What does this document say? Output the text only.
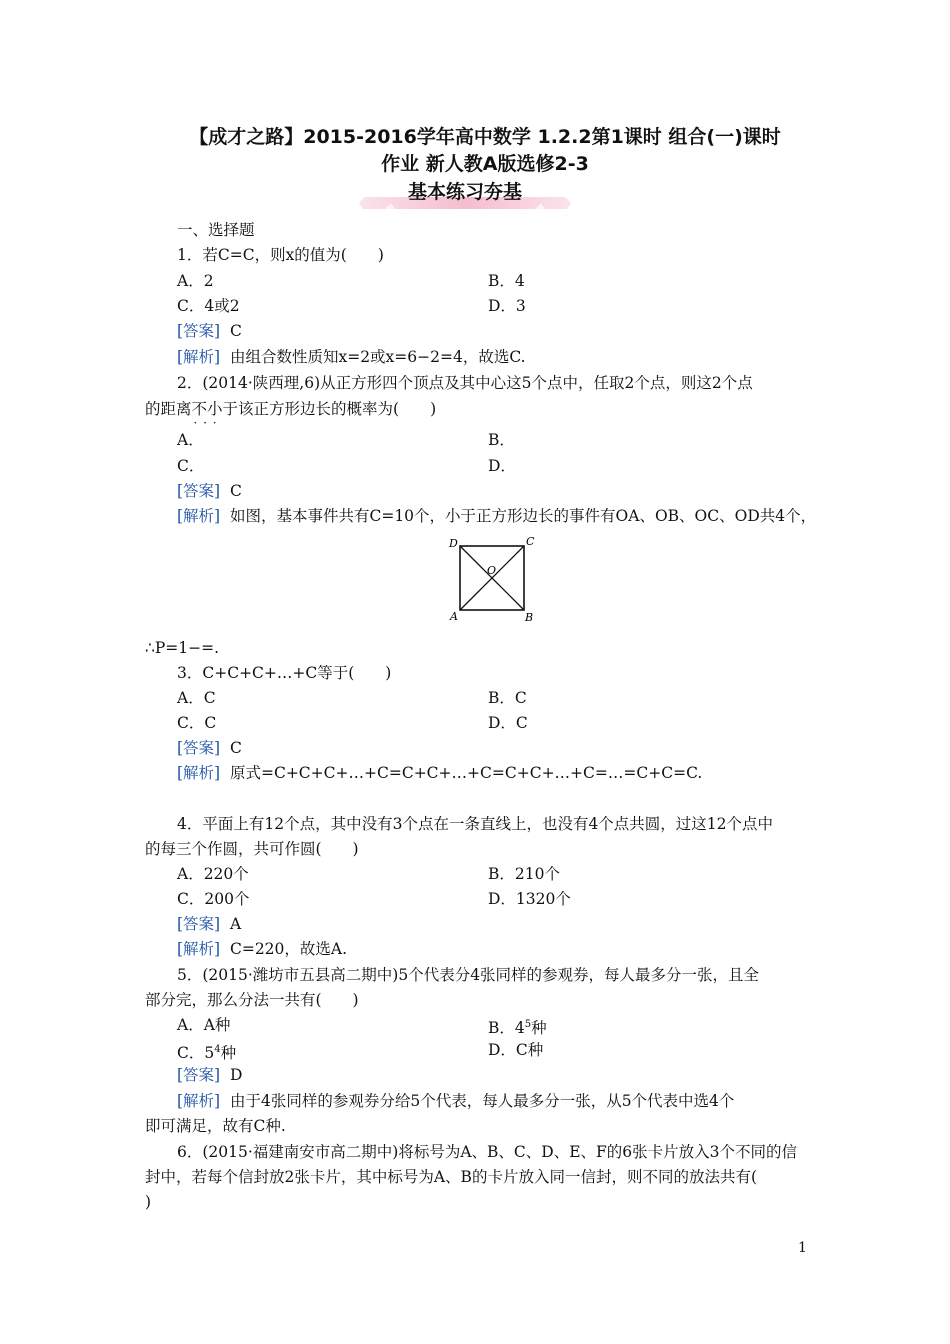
【成才之路】2015-2016学年高中数学 1.2.2第1课时 组合(一)课时
作业 新人教A版选修2-3
基本练习夯基
一、选择题
1．若C=C，则x的值为(　　)
A．2	B．4
C．4或2	D．3
[答案] C
[解析] 由组合数性质知x=2或x=6−2=4，故选C.
2．(2014·陕西理,6)从正方形四个顶点及其中心这5个点中，任取2个点，则这2个点
的距离不小于 · · ·该正方形边长的概率为(　　)
A．	B．
C．	D．
[答案] C
[解析] 如图，基本事件共有C=10个，小于正方形边长的事件有OA、OB、OC、OD共4个，
D	C
A	B
O
∴P=1−=.
3．C+C+C+…+C等于(　　)
A．C	B．C
C．C	D．C
[答案] C
[解析] 原式=C+C+C+…+C=C+C+…+C=C+C+…+C=…=C+C=C.
4．平面上有12个点，其中没有3个点在一条直线上，也没有4个点共圆，过这12个点中
的每三个作圆，共可作圆(　　)
A．220个	B．210个
C．200个	D．1320个
[答案] A
[解析] C=220，故选A.
5．(2015·潍坊市五县高二期中)5个代表分4张同样的参观券，每人最多分一张，且全
部分完，那么分法一共有(　　)
A．A种	B．$4^5$种
C．$5^4$种	D．C种
[答案] D
[解析] 由于4张同样的参观券分给5个代表，每人最多分一张，从5个代表中选4个
即可满足，故有C种.
6．(2015·福建南安市高二期中)将标号为A、B、C、D、E、F的6张卡片放入3个不同的信
封中，若每个信封放2张卡片，其中标号为A、B的卡片放入同一信封，则不同的放法共有(
)
1
